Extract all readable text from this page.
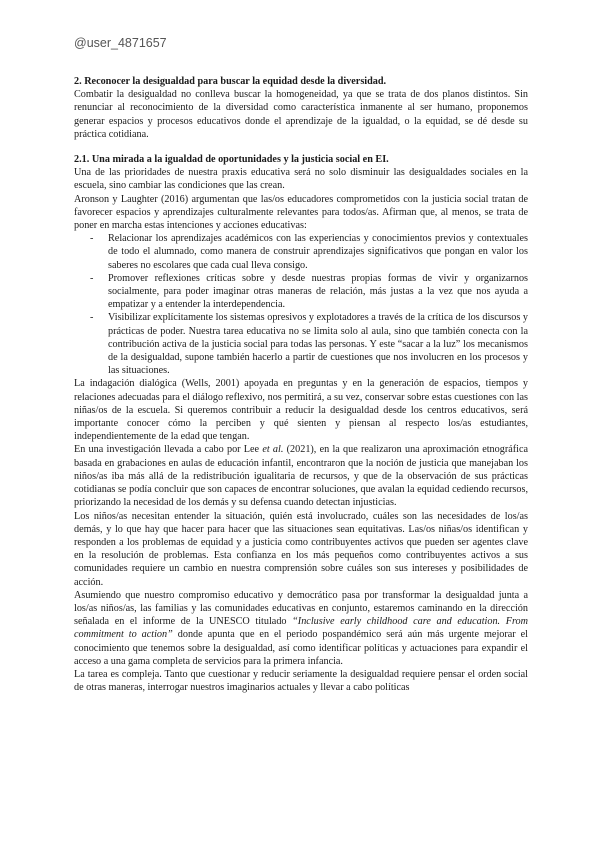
@user_4871657

2. Reconocer la desigualdad para buscar la equidad desde la diversidad.

Combatir la desigualdad no conlleva buscar la homogeneidad, ya que se trata de dos planos distintos. Sin renunciar al reconocimiento de la diversidad como característica inmanente al ser humano, proponemos generar espacios y procesos educativos donde el aprendizaje de la igualdad, o la equidad, se dé desde su práctica cotidiana.

2.1. Una mirada a la igualdad de oportunidades y la justicia social en EI.

Una de las prioridades de nuestra praxis educativa será no solo disminuir las desigualdades sociales en la escuela, sino cambiar las condiciones que las crean.

Aronson y Laughter (2016) argumentan que las/os educadores comprometidos con la justicia social tratan de favorecer espacios y aprendizajes culturalmente relevantes para todos/as. Afirman que, al menos, se trata de poner en marcha estas intenciones y acciones educativas:

- Relacionar los aprendizajes académicos con las experiencias y conocimientos previos y contextuales de todo el alumnado, como manera de construir aprendizajes significativos que pongan en valor los saberes no escolares que cada cual lleva consigo.
- Promover reflexiones críticas sobre y desde nuestras propias formas de vivir y organizarnos socialmente, para poder imaginar otras maneras de relación, más justas a la vez que nos ayuda a empatizar y a entender la interdependencia.
- Visibilizar explícitamente los sistemas opresivos y explotadores a través de la crítica de los discursos y prácticas de poder. Nuestra tarea educativa no se limita solo al aula, sino que también conecta con la contribución activa de la justicia social para todas las personas. Y este “sacar a la luz” los mecanismos de la desigualdad, supone también hacerlo a partir de cuestiones que nos involucren en los procesos y las situaciones.

La indagación dialógica (Wells, 2001) apoyada en preguntas y en la generación de espacios, tiempos y relaciones adecuadas para el diálogo reflexivo, nos permitirá, a su vez, conservar sobre estas cuestiones con las niñas/os de la escuela. Si queremos contribuir a reducir la desigualdad desde los centros educativos, será importante conocer cómo la perciben y qué sienten y piensan al respecto los/as estudiantes, independientemente de la edad que tengan.

En una investigación llevada a cabo por Lee et al. (2021), en la que realizaron una aproximación etnográfica basada en grabaciones en aulas de educación infantil, encontraron que la noción de justicia que manejaban los niños/as iba más allá de la redistribución igualitaria de recursos, y que de la observación de sus prácticas cotidianas se podía concluir que son capaces de encontrar soluciones, que avalan la equidad cediendo recursos, priorizando la necesidad de los demás y su defensa cuando detectan injusticias.

Los niños/as necesitan entender la situación, quién está involucrado, cuáles son las necesidades de los/as demás, y lo que hay que hacer para hacer que las situaciones sean equitativas. Las/os niñas/os identifican y responden a los problemas de equidad y a justicia como contribuyentes activos que pueden ser agentes clave en la resolución de problemas. Esta confianza en los más pequeños como contribuyentes activos a sus comunidades requiere un cambio en nuestra comprensión sobre cuáles son sus intereses y posibilidades de acción.

Asumiendo que nuestro compromiso educativo y democrático pasa por transformar la desigualdad junta a los/as niños/as, las familias y las comunidades educativas en conjunto, estaremos caminando en la dirección señalada en el informe de la UNESCO titulado “Inclusive early childhood care and education. From commitment to action” donde apunta que en el periodo pospandémico será aún más urgente mejorar el conocimiento que tenemos sobre la desigualdad, así como identificar políticas y actuaciones para expandir el acceso a una gama completa de servicios para la primera infancia.

La tarea es compleja. Tanto que cuestionar y reducir seriamente la desigualdad requiere pensar el orden social de otras maneras, interrogar nuestros imaginarios actuales y llevar a cabo políticas
